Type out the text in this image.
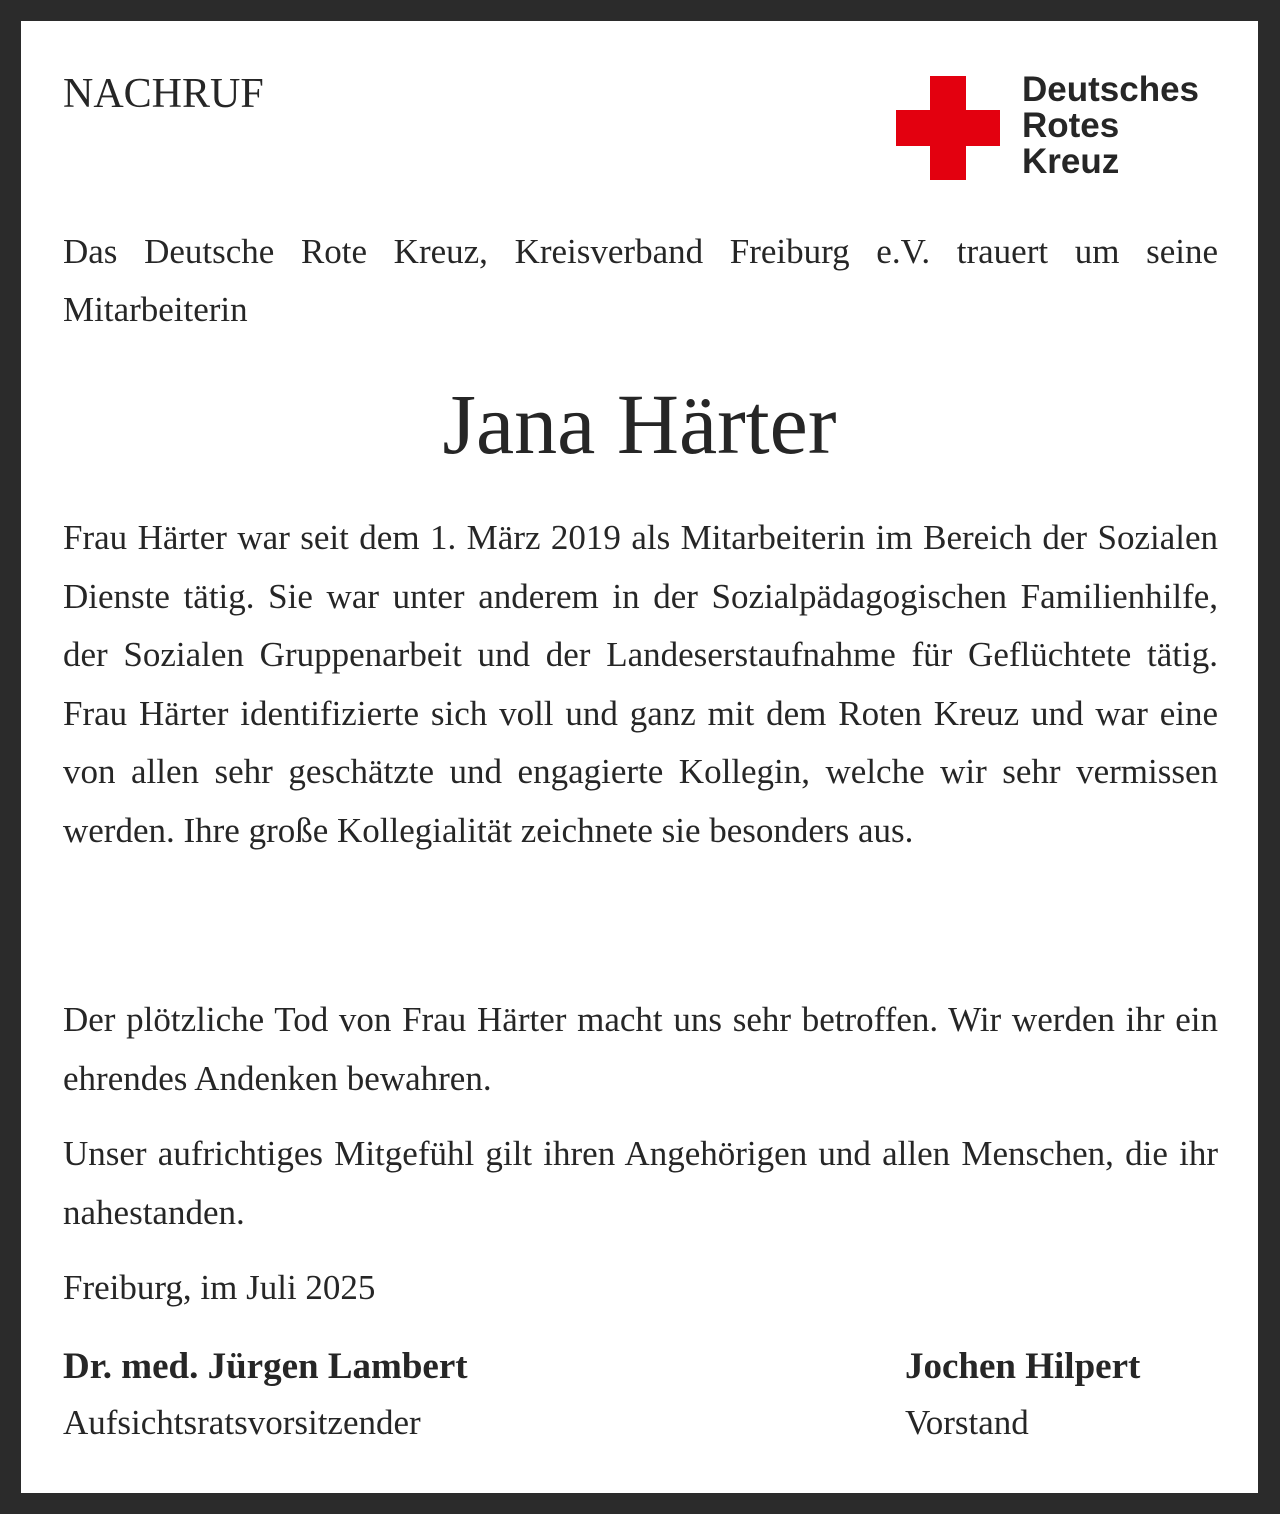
NACHRUF	Deutsches
Rotes
Kreuz
Das Deutsche Rote Kreuz, Kreisverband Freiburg e.V. trauert um seine Mitarbeiterin
Jana Härter

Frau Härter war seit dem 1. März 2019 als Mitarbeiterin im Bereich der Sozialen Dienste tätig. Sie war unter anderem in der Sozialpädagogischen Familienhilfe, der Sozialen Gruppenarbeit und der Landeserstaufnahme für Geflüchtete tätig. Frau Härter identifizierte sich voll und ganz mit dem Roten Kreuz und war eine von allen sehr geschätzte und engagierte Kollegin, welche wir sehr vermissen werden. Ihre große Kollegialität zeichnete sie besonders aus.

Der plötzliche Tod von Frau Härter macht uns sehr betroffen. Wir werden ihr ein ehrendes Andenken bewahren.

Unser aufrichtiges Mitgefühl gilt ihren Angehörigen und allen Menschen, die ihr nahestanden.

Freiburg, im Juli 2025
Dr. med. Jürgen Lambert
Aufsichtsratsvorsitzender
Jochen Hilpert
Vorstand
